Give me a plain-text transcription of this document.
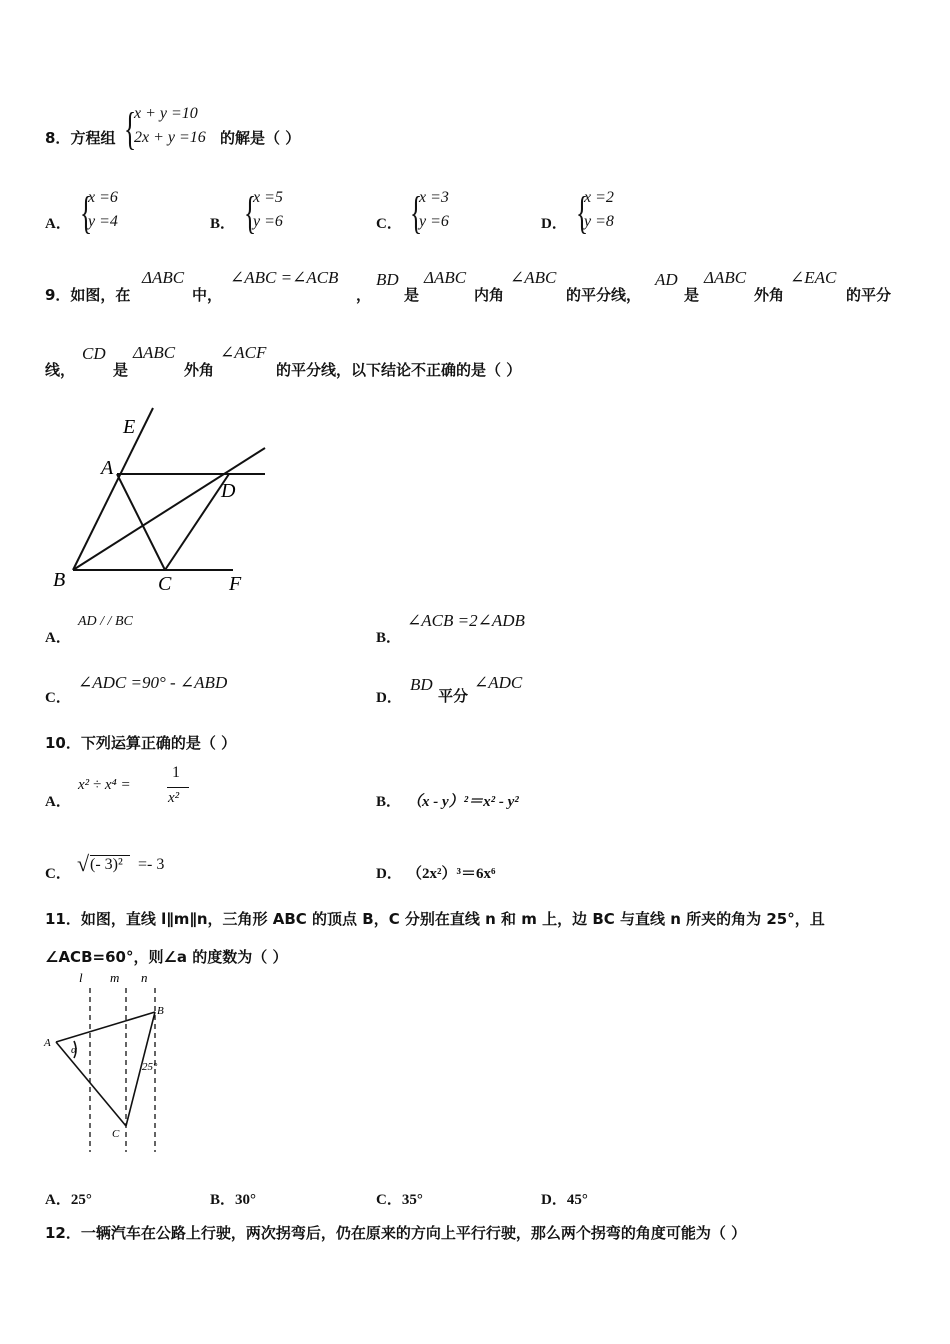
8．方程组 {
x + y =10
2x + y =16 的解是（ ）
A． {
x =6
y =4	B． {
x =5
y =6	C． {
x =3
y =6	D． {
x =2
y =8
9．如图，在
ΔABC
中，
∠ABC =∠ACB
，
BD
是
ΔABC
内角
∠ABC
的平分线，
AD
是
ΔABC
外角
∠EAC
的平分
线，
CD
是
ΔABC
外角
∠ACF
的平分线，以下结论不正确的是（ ）
E
A
D
B	C	F
A．
AD / / BC
B．
∠ACB =2∠ADB
C．
∠ADC =90° - ∠ABD
D．
BD
平分
∠ADC
10．下列运算正确的是（ ）
A．
x² ÷ x⁴ =
1
x²	B． （x - y）²＝x² - y²
C． √ (- 3)² =- 3
D． （2x²）³＝6x⁶
11．如图，直线 l∥m∥n，三角形 ABC 的顶点 B，C 分别在直线 n 和 m 上，边 BC 与直线 n 所夹的角为 25°，且
∠ACB=60°，则∠a 的度数为（ ）
l m n
A
B
C
α
25°
A．25°	B．30°	C．35°	D．45°
12．一辆汽车在公路上行驶，两次拐弯后，仍在原来的方向上平行行驶，那么两个拐弯的角度可能为（ ）
